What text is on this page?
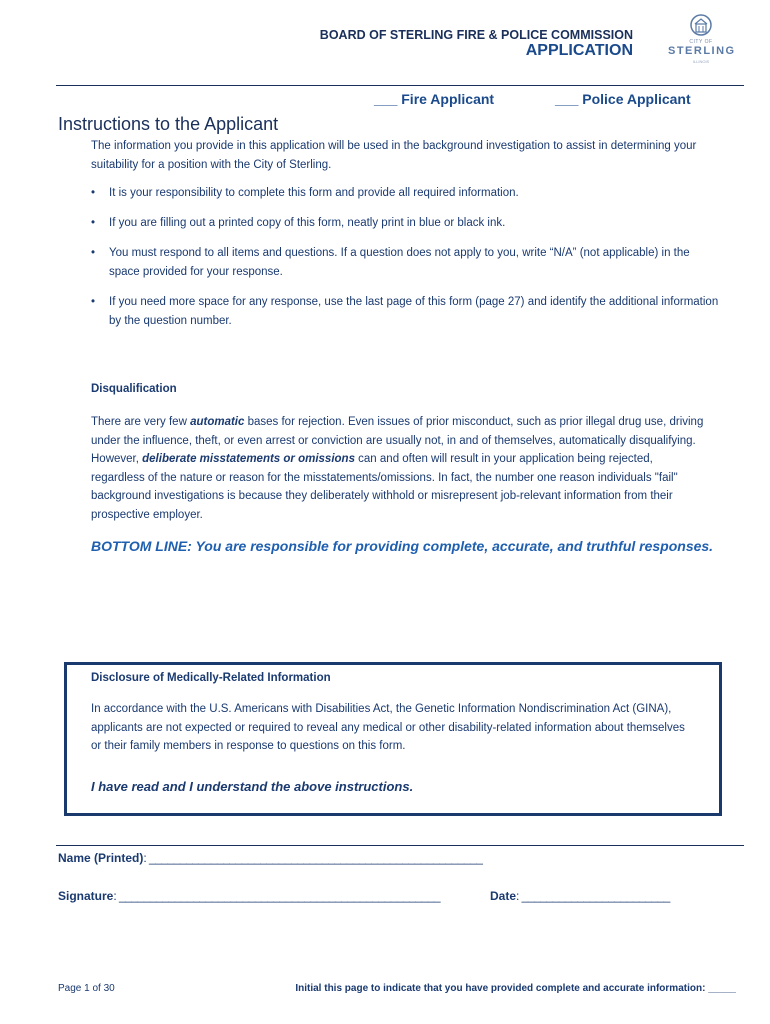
BOARD OF STERLING FIRE & POLICE COMMISSION
APPLICATION	CITY OF
STERLING
ILLINOIS
___ Fire Applicant	___ Police Applicant
Instructions to the Applicant
The information you provide in this application will be used in the background investigation to assist in determining your suitability for a position with the City of Sterling.
• It is your responsibility to complete this form and provide all required information.
• If you are filling out a printed copy of this form, neatly print in blue or black ink.
• You must respond to all items and questions. If a question does not apply to you, write “N/A” (not applicable) in the space provided for your response.
• If you need more space for any response, use the last page of this form (page 27) and identify the additional information by the question number.
Disqualification
There are very few automatic bases for rejection. Even issues of prior misconduct, such as prior illegal drug use, driving under the influence, theft, or even arrest or conviction are usually not, in and of themselves, automatically disqualifying. However, deliberate misstatements or omissions can and often will result in your application being rejected, regardless of the nature or reason for the misstatements/omissions. In fact, the number one reason individuals "fail" background investigations is because they deliberately withhold or misrepresent job-relevant information from their prospective employer.
BOTTOM LINE: You are responsible for providing complete, accurate, and truthful responses.
Disclosure of Medically-Related Information
In accordance with the U.S. Americans with Disabilities Act, the Genetic Information Nondiscrimination Act (GINA), applicants are not expected or required to reveal any medical or other disability-related information about themselves or their family members in response to questions on this form.
I have read and I understand the above instructions.
Name (Printed): ______________________________________________________
Signature: ____________________________________________________	Date: ________________________
Page 1 of 30	Initial this page to indicate that you have provided complete and accurate information: _____
